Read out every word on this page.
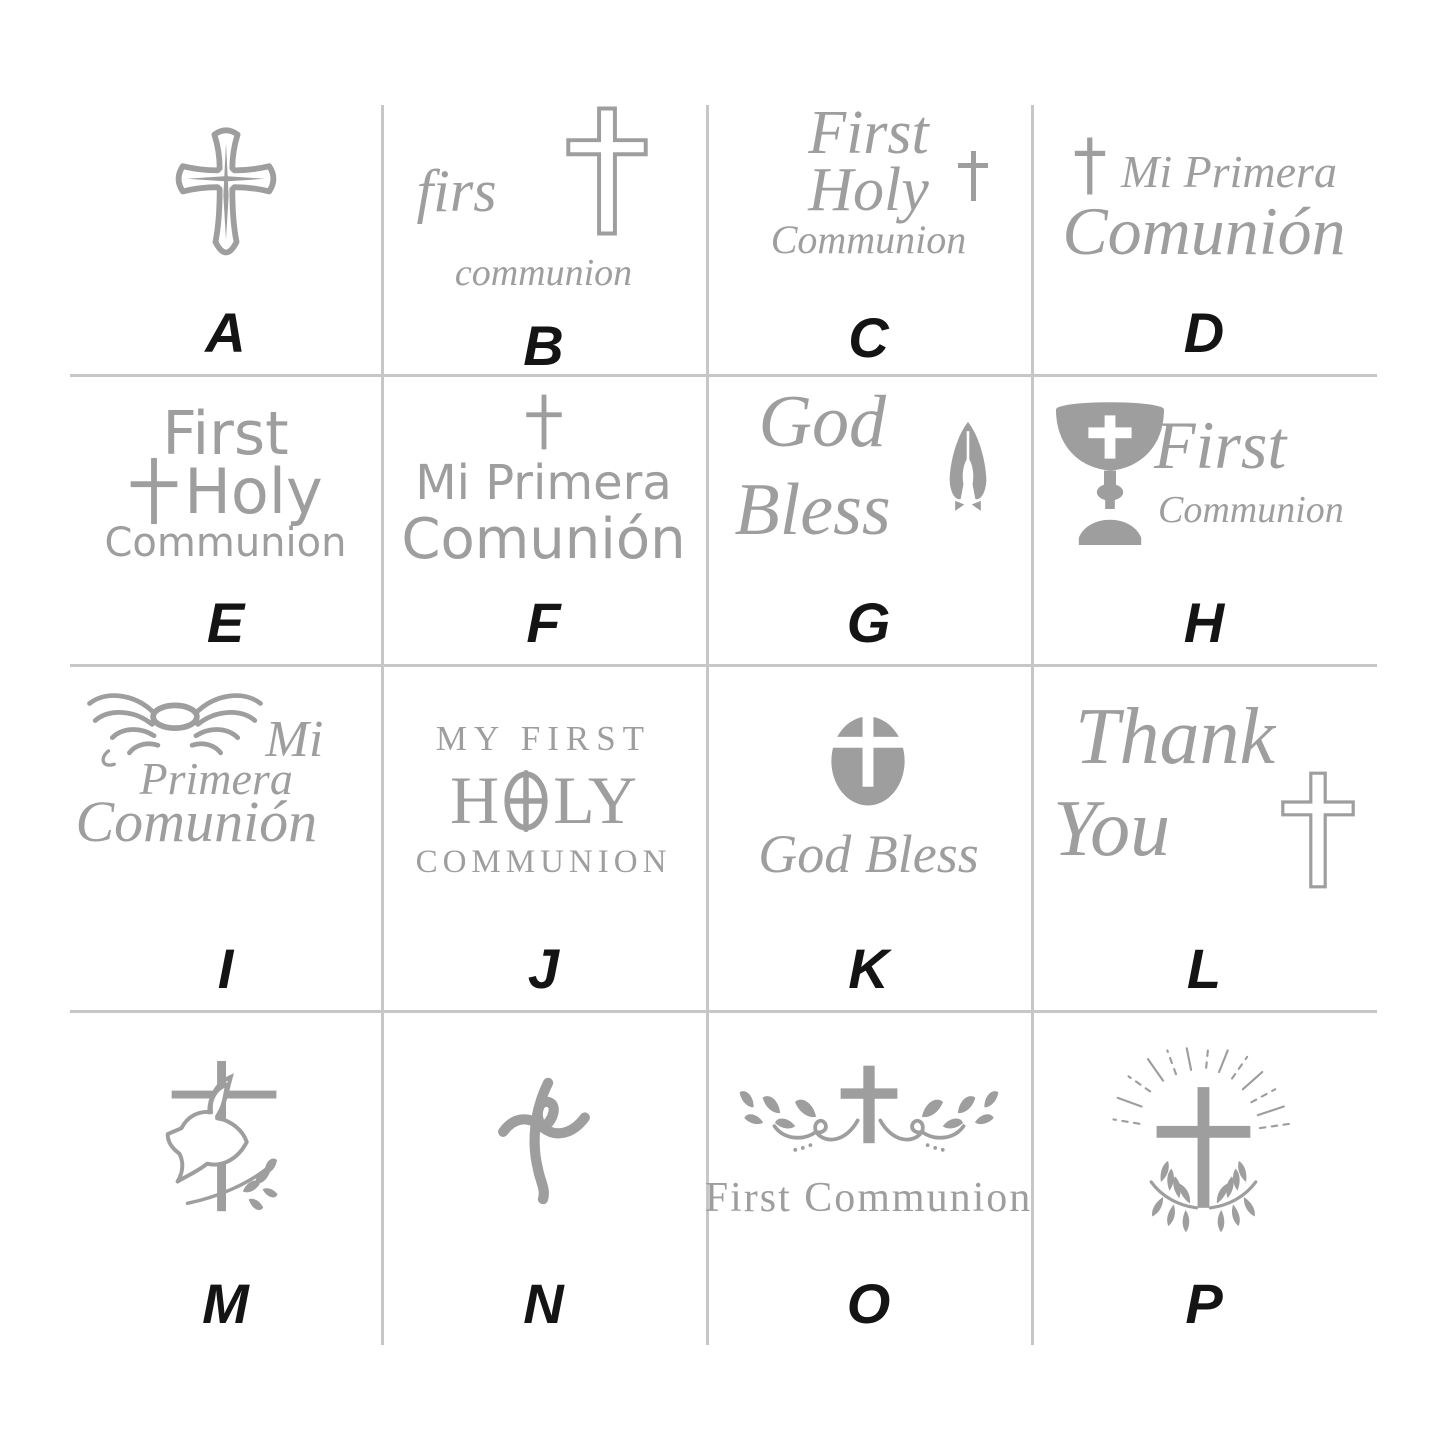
A
firs
communion
B
First
Holy
Communion
C
Mi Primera
Comunión
D
First
Holy
Communion
E
Mi Primera
Comunión
F
God
Bless
G
First
Communion
H
Mi
Primera
Comunión
I
MY FIRST
H LY
COMMUNION
J
God Bless
K
Thank
You
L
M	N
First Communion
O	P
